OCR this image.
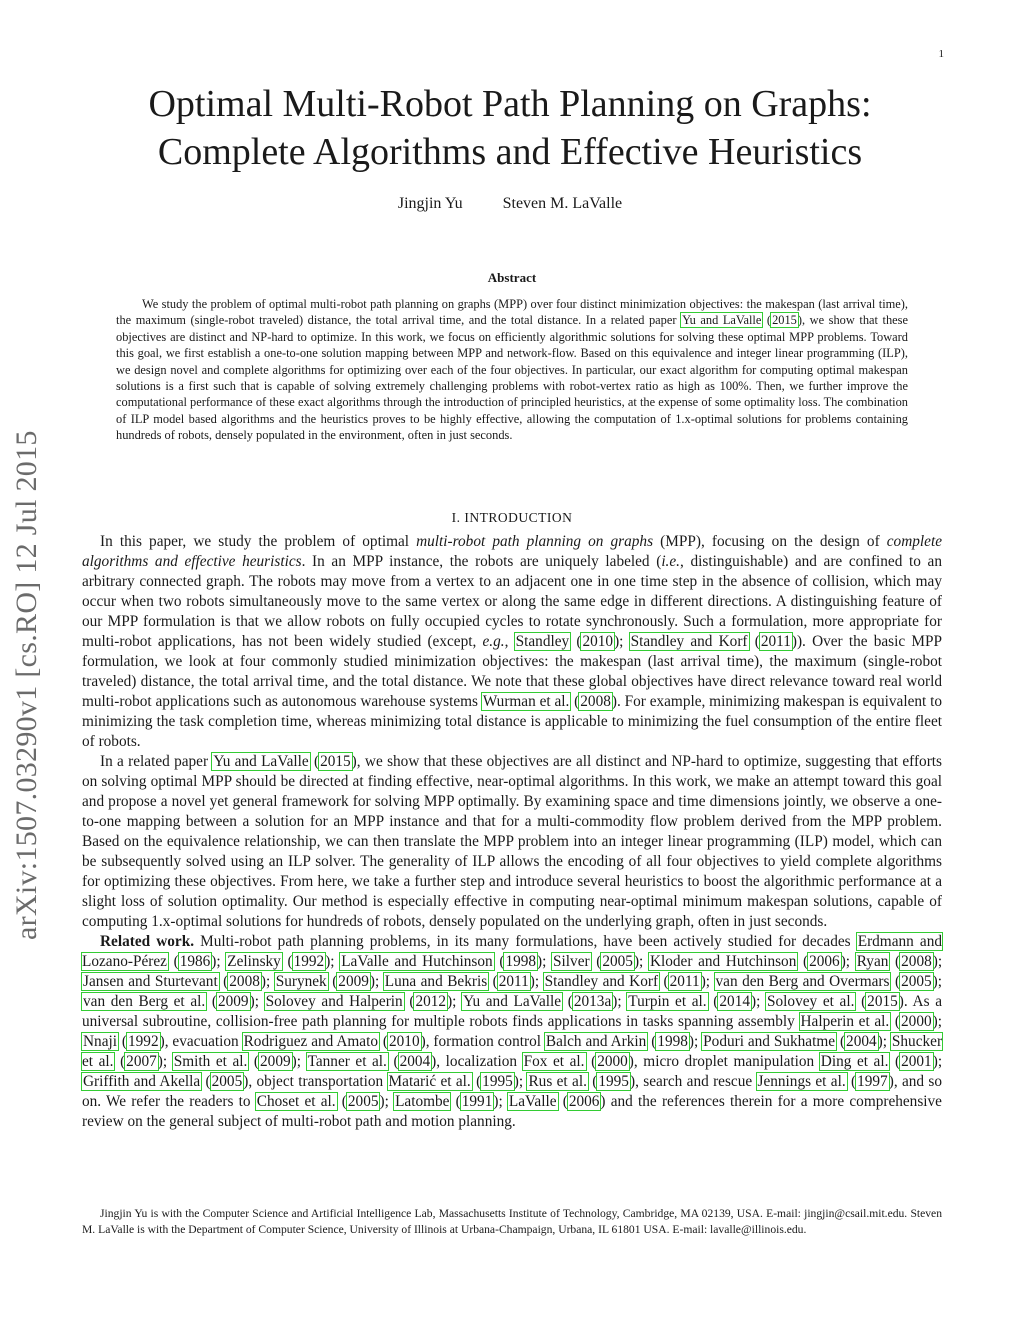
1
arXiv:1507.03290v1 [cs.RO] 12 Jul 2015
Optimal Multi-Robot Path Planning on Graphs:
Complete Algorithms and Effective Heuristics
Jingjin Yu	Steven M. LaValle
Abstract

We study the problem of optimal multi-robot path planning on graphs (MPP) over four distinct minimization objectives: the makespan (last arrival time), the maximum (single-robot traveled) distance, the total arrival time, and the total distance. In a related paper Yu and LaValle (2015), we show that these objectives are distinct and NP-hard to optimize. In this work, we focus on efficiently algorithmic solutions for solving these optimal MPP problems. Toward this goal, we first establish a one-to-one solution mapping between MPP and network-flow. Based on this equivalence and integer linear programming (ILP), we design novel and complete algorithms for optimizing over each of the four objectives. In particular, our exact algorithm for computing optimal makespan solutions is a first such that is capable of solving extremely challenging problems with robot-vertex ratio as high as 100%. Then, we further improve the computational performance of these exact algorithms through the introduction of principled heuristics, at the expense of some optimality loss. The combination of ILP model based algorithms and the heuristics proves to be highly effective, allowing the computation of 1.x-optimal solutions for problems containing hundreds of robots, densely populated in the environment, often in just seconds.

I. INTRODUCTION

In this paper, we study the problem of optimal multi-robot path planning on graphs (MPP), focusing on the design of complete algorithms and effective heuristics. In an MPP instance, the robots are uniquely labeled (i.e., distinguishable) and are confined to an arbitrary connected graph. The robots may move from a vertex to an adjacent one in one time step in the absence of collision, which may occur when two robots simultaneously move to the same vertex or along the same edge in different directions. A distinguishing feature of our MPP formulation is that we allow robots on fully occupied cycles to rotate synchronously. Such a formulation, more appropriate for multi-robot applications, has not been widely studied (except, e.g., Standley (2010); Standley and Korf (2011)). Over the basic MPP formulation, we look at four commonly studied minimization objectives: the makespan (last arrival time), the maximum (single-robot traveled) distance, the total arrival time, and the total distance. We note that these global objectives have direct relevance toward real world multi-robot applications such as autonomous warehouse systems Wurman et al. (2008). For example, minimizing makespan is equivalent to minimizing the task completion time, whereas minimizing total distance is applicable to minimizing the fuel consumption of the entire fleet of robots.

In a related paper Yu and LaValle (2015), we show that these objectives are all distinct and NP-hard to optimize, suggesting that efforts on solving optimal MPP should be directed at finding effective, near-optimal algorithms. In this work, we make an attempt toward this goal and propose a novel yet general framework for solving MPP optimally. By examining space and time dimensions jointly, we observe a one-to-one mapping between a solution for an MPP instance and that for a multi-commodity flow problem derived from the MPP problem. Based on the equivalence relationship, we can then translate the MPP problem into an integer linear programming (ILP) model, which can be subsequently solved using an ILP solver. The generality of ILP allows the encoding of all four objectives to yield complete algorithms for optimizing these objectives. From here, we take a further step and introduce several heuristics to boost the algorithmic performance at a slight loss of solution optimality. Our method is especially effective in computing near-optimal minimum makespan solutions, capable of computing 1.x-optimal solutions for hundreds of robots, densely populated on the underlying graph, often in just seconds.

Related work. Multi-robot path planning problems, in its many formulations, have been actively studied for decades Erdmann and Lozano-Pérez (1986); Zelinsky (1992); LaValle and Hutchinson (1998); Silver (2005); Kloder and Hutchinson (2006); Ryan (2008); Jansen and Sturtevant (2008); Surynek (2009); Luna and Bekris (2011); Standley and Korf (2011); van den Berg and Overmars (2005); van den Berg et al. (2009); Solovey and Halperin (2012); Yu and LaValle (2013a); Turpin et al. (2014); Solovey et al. (2015). As a universal subroutine, collision-free path planning for multiple robots finds applications in tasks spanning assembly Halperin et al. (2000); Nnaji (1992), evacuation Rodriguez and Amato (2010), formation control Balch and Arkin (1998); Poduri and Sukhatme (2004); Shucker et al. (2007); Smith et al. (2009); Tanner et al. (2004), localization Fox et al. (2000), micro droplet manipulation Ding et al. (2001); Griffith and Akella (2005), object transportation Matarić et al. (1995); Rus et al. (1995), search and rescue Jennings et al. (1997), and so on. We refer the readers to Choset et al. (2005); Latombe (1991); LaValle (2006) and the references therein for a more comprehensive review on the general subject of multi-robot path and motion planning.

Jingjin Yu is with the Computer Science and Artificial Intelligence Lab, Massachusetts Institute of Technology, Cambridge, MA 02139, USA. E-mail: jingjin@csail.mit.edu. Steven M. LaValle is with the Department of Computer Science, University of Illinois at Urbana-Champaign, Urbana, IL 61801 USA. E-mail: lavalle@illinois.edu.
